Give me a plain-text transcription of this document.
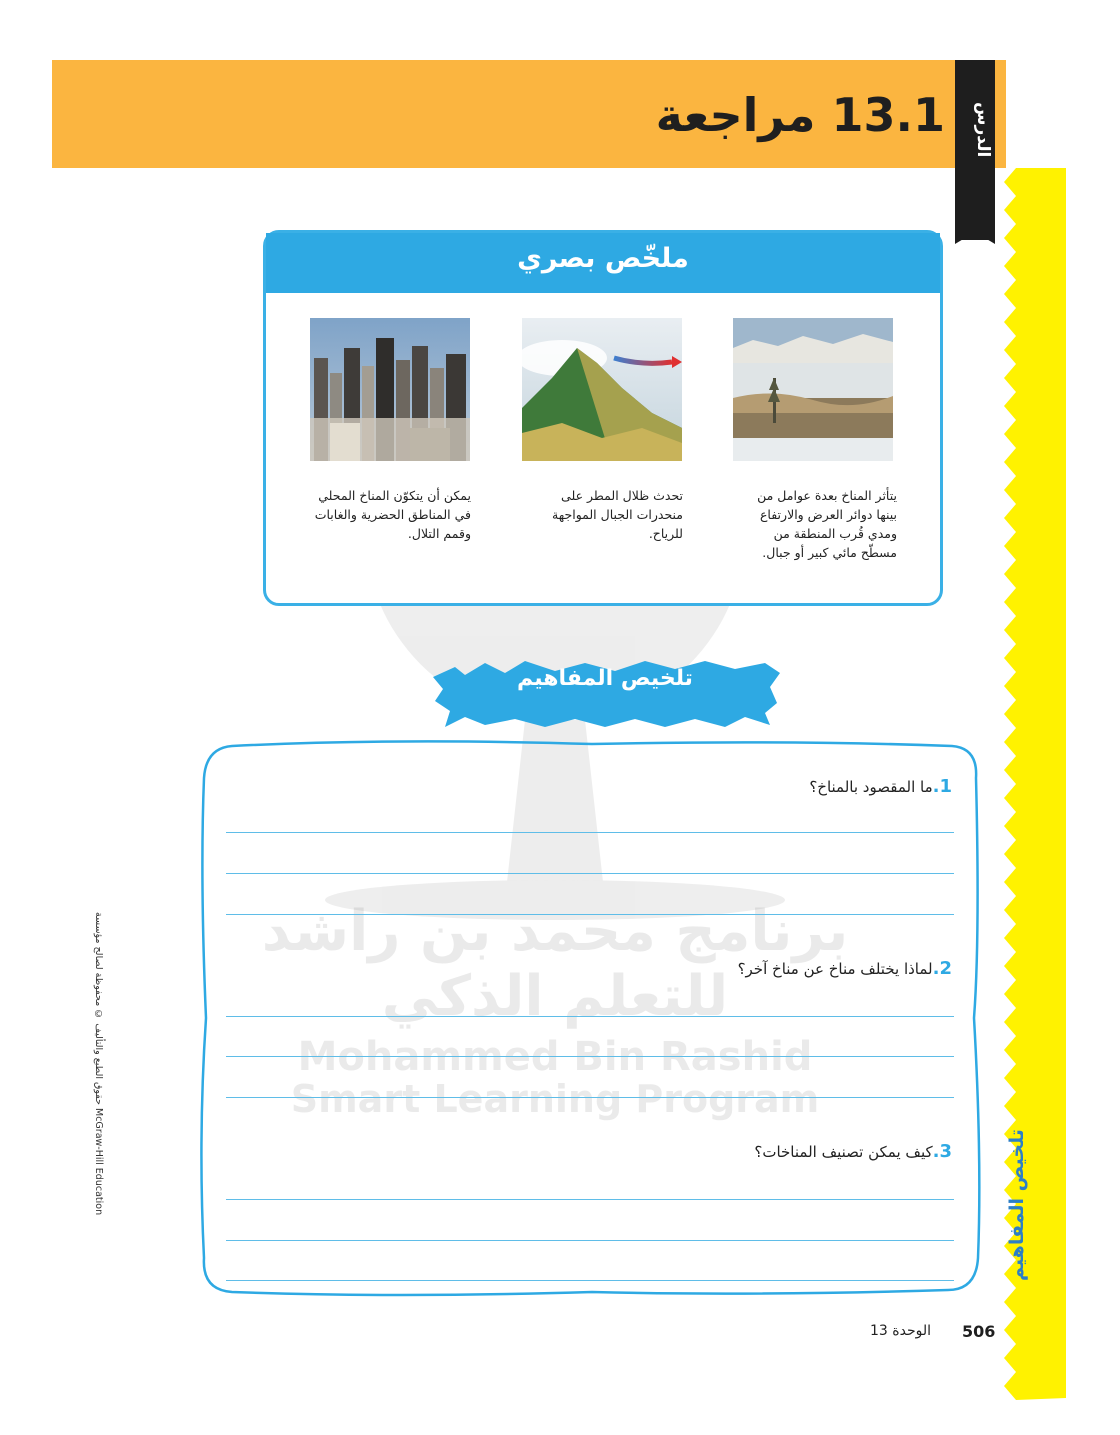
برنامج محمد بن راشد
للتعلم الذكي
Mohammed Bin Rashid
Smart Learning Program
الدرس
13.1 مراجعة
تلخيص المفاهيم
ملخّص بصري
يمكن أن يتكوّن المناخ المحلي في المناطق الحضرية والغابات وقمم التلال.
تحدث ظلال المطر على منحدرات الجبال المواجهة للرياح.
يتأثر المناخ بعدة عوامل من بينها دوائر العرض والارتفاع ومدي قُرب المنطقة من مسطّح مائي كبير أو جبال.
تلخيص المفاهيم
1.ما المقصود بالمناخ؟
2.لماذا يختلف مناخ عن مناخ آخر؟
3.كيف يمكن تصنيف المناخات؟
حقوق الطبع والتأليف © محفوظة لصالح مؤسسة McGraw-Hill Education
506
الوحدة 13
